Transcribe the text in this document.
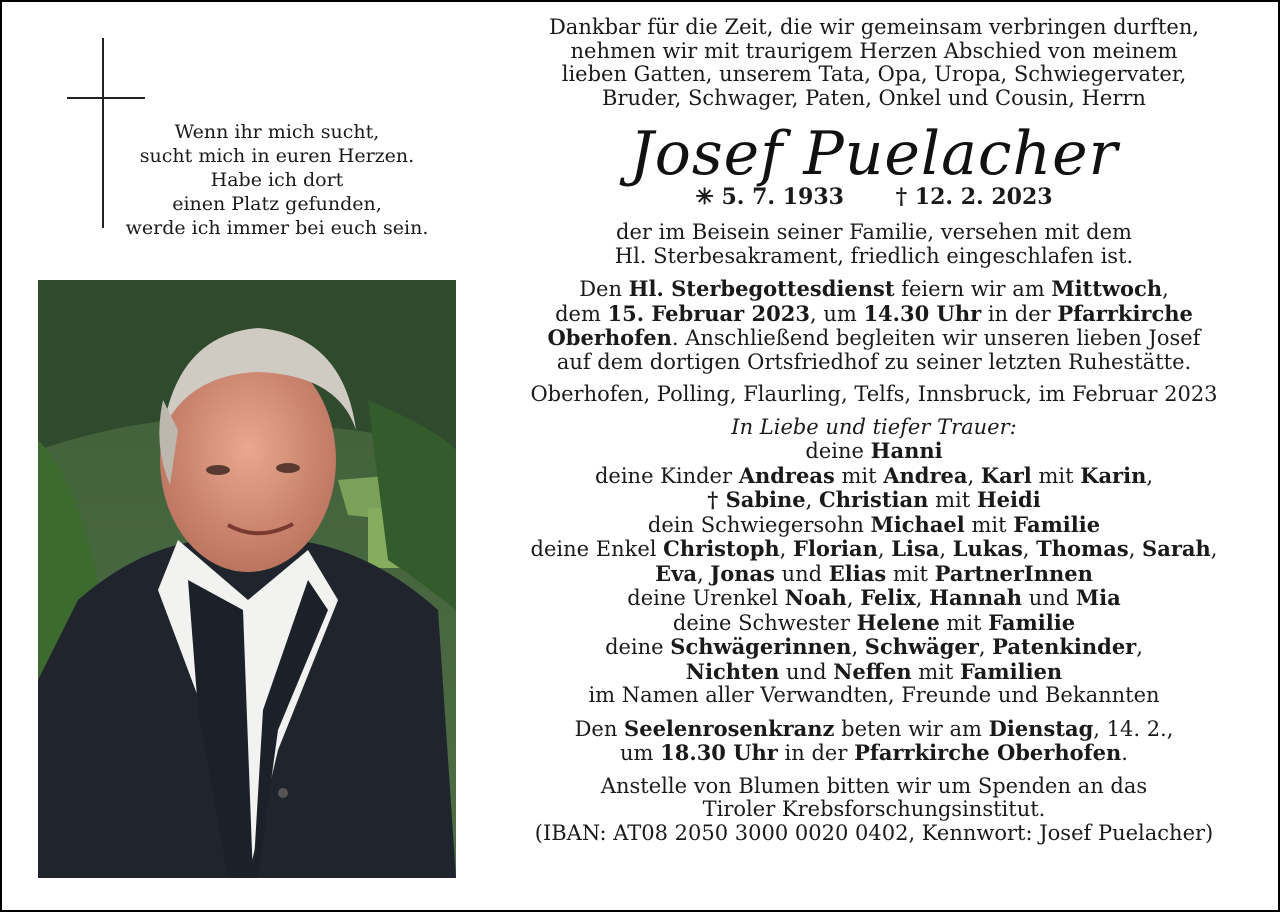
Wenn ihr mich sucht,
sucht mich in euren Herzen.
Habe ich dort
einen Platz gefunden,
werde ich immer bei euch sein.
Dankbar für die Zeit, die wir gemeinsam verbringen durften,
nehmen wir mit traurigem Herzen Abschied von meinem
lieben Gatten, unserem Tata, Opa, Uropa, Schwiegervater,
Bruder, Schwager, Paten, Onkel und Cousin, Herrn
Josef Puelacher
✳ 5. 7. 1933 † 12. 2. 2023
der im Beisein seiner Familie, versehen mit dem
Hl. Sterbesakrament, friedlich eingeschlafen ist.
Den Hl. Sterbegottesdienst feiern wir am Mittwoch,
dem 15. Februar 2023, um 14.30 Uhr in der Pfarrkirche
Oberhofen. Anschließend begleiten wir unseren lieben Josef
auf dem dortigen Ortsfriedhof zu seiner letzten Ruhestätte.
Oberhofen, Polling, Flaurling, Telfs, Innsbruck, im Februar 2023
In Liebe und tiefer Trauer:
deine Hanni
deine Kinder Andreas mit Andrea, Karl mit Karin,
† Sabine, Christian mit Heidi
dein Schwiegersohn Michael mit Familie
deine Enkel Christoph, Florian, Lisa, Lukas, Thomas, Sarah,
Eva, Jonas und Elias mit PartnerInnen
deine Urenkel Noah, Felix, Hannah und Mia
deine Schwester Helene mit Familie
deine Schwägerinnen, Schwäger, Patenkinder,
Nichten und Neffen mit Familien
im Namen aller Verwandten, Freunde und Bekannten
Den Seelenrosenkranz beten wir am Dienstag, 14. 2.,
um 18.30 Uhr in der Pfarrkirche Oberhofen.
Anstelle von Blumen bitten wir um Spenden an das
Tiroler Krebsforschungsinstitut.
(IBAN: AT08 2050 3000 0020 0402, Kennwort: Josef Puelacher)
